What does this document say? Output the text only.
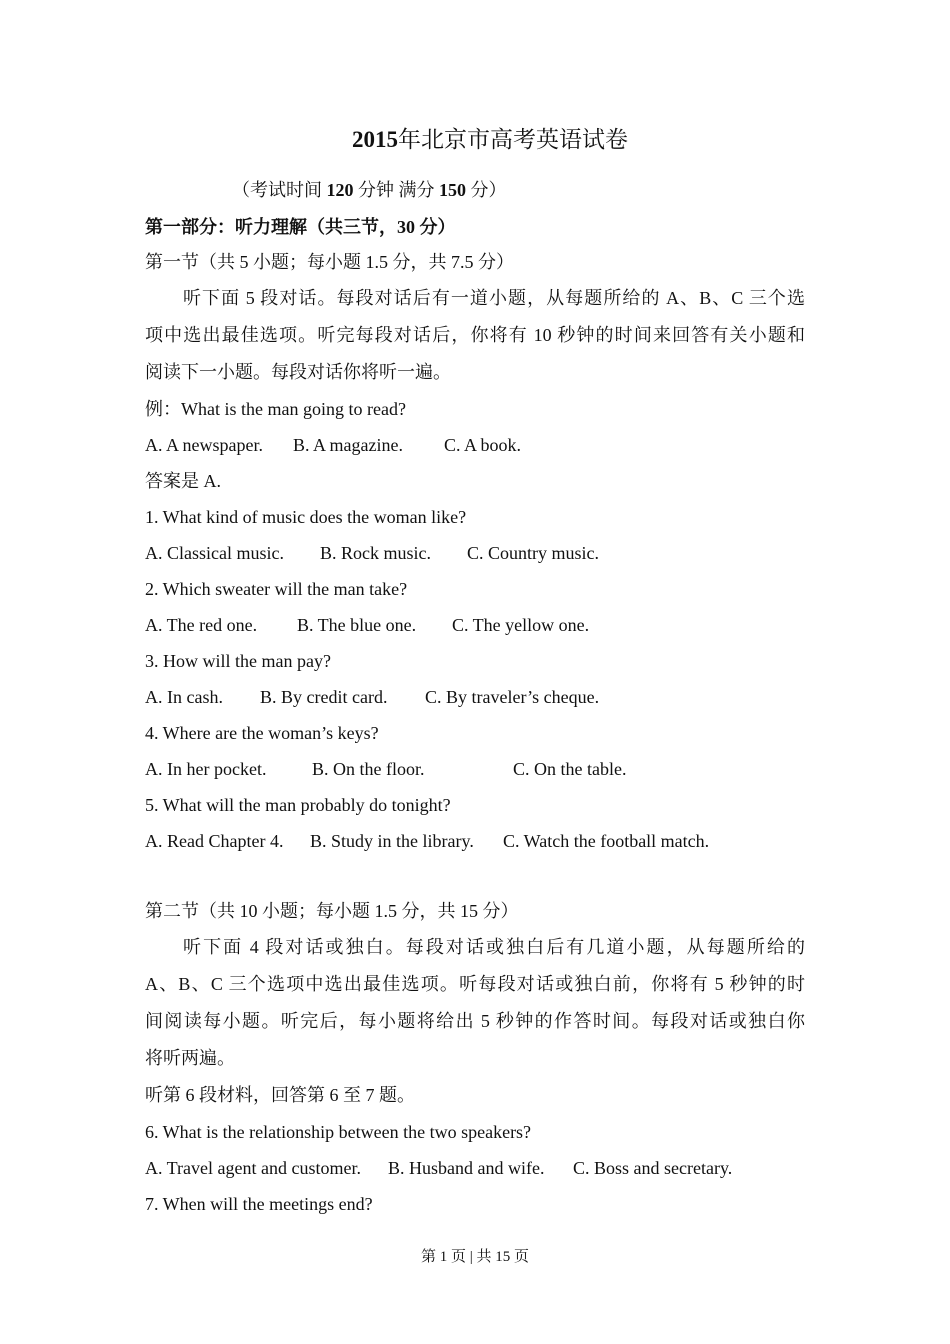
2015年北京市高考英语试卷
（考试时间 120 分钟 满分 150 分）
第一部分：听力理解（共三节，30 分）
第一节（共 5 小题；每小题 1.5 分，共 7.5 分）
听下面 5 段对话。每段对话后有一道小题，从每题所给的 A、B、C 三个选
项中选出最佳选项。听完每段对话后，你将有 10 秒钟的时间来回答有关小题和
阅读下一小题。每段对话你将听一遍。
例：What is the man going to read?
A. A newspaper. B. A magazine. C. A book.
答案是 A.
1. What kind of music does the woman like?
A. Classical music. B. Rock music. C. Country music.
2. Which sweater will the man take?
A. The red one. B. The blue one. C. The yellow one.
3. How will the man pay?
A. In cash. B. By credit card. C. By traveler’s cheque.
4. Where are the woman’s keys?
A. In her pocket.	B. On the floor.	C. On the table.
5. What will the man probably do tonight?
A. Read Chapter 4. B. Study in the library. C. Watch the football match.
第二节（共 10 小题；每小题 1.5 分，共 15 分）
听下面 4 段对话或独白。每段对话或独白后有几道小题，从每题所给的
A、B、C 三个选项中选出最佳选项。听每段对话或独白前，你将有 5 秒钟的时
间阅读每小题。听完后，每小题将给出 5 秒钟的作答时间。每段对话或独白你
将听两遍。
听第 6 段材料，回答第 6 至 7 题。
6. What is the relationship between the two speakers?
A. Travel agent and customer. B. Husband and wife. C. Boss and secretary.
7. When will the meetings end?
第 1 页 | 共 15 页
